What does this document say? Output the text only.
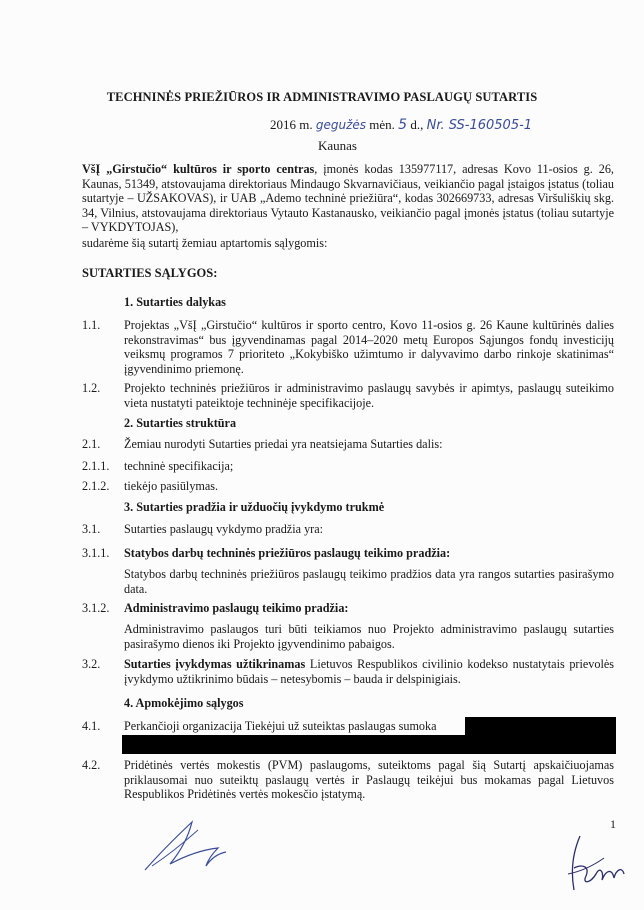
TECHNINĖS PRIEŽIŪROS IR ADMINISTRAVIMO PASLAUGŲ SUTARTIS
2016 m. gegužės mėn. 5 d., Nr. SS-160505-1
Kaunas
VšĮ „Girstučio“ kultūros ir sporto centras, įmonės kodas 135977117, adresas Kovo 11-osios g. 26, Kaunas, 51349, atstovaujama direktoriaus Mindaugo Skvarnavičiaus, veikiančio pagal įstaigos įstatus (toliau sutartyje – UŽSAKOVAS), ir UAB „Ademo techninė priežiūra“, kodas 302669733, adresas Viršuliškių skg. 34, Vilnius, atstovaujama direktoriaus Vytauto Kastanausko, veikiančio pagal įmonės įstatus (toliau sutartyje – VYKDYTOJAS),
sudarėme šią sutartį žemiau aptartomis sąlygomis:
SUTARTIES SĄLYGOS:
1. Sutarties dalykas
1.1. Projektas „VšĮ „Girstučio“ kultūros ir sporto centro, Kovo 11-osios g. 26 Kaune kultūrinės dalies rekonstravimas“ bus įgyvendinamas pagal 2014–2020 metų Europos Sąjungos fondų investicijų veiksmų programos 7 prioriteto „Kokybiško užimtumo ir dalyvavimo darbo rinkoje skatinimas“ įgyvendinimo priemonę.
1.2. Projekto techninės priežiūros ir administravimo paslaugų savybės ir apimtys, paslaugų suteikimo vieta nustatyti pateiktoje techninėje specifikacijoje.
2. Sutarties struktūra
2.1. Žemiau nurodyti Sutarties priedai yra neatsiejama Sutarties dalis:
2.1.1. techninė specifikacija;
2.1.2. tiekėjo pasiūlymas.
3. Sutarties pradžia ir užduočių įvykdymo trukmė
3.1. Sutarties paslaugų vykdymo pradžia yra:
3.1.1. Statybos darbų techninės priežiūros paslaugų teikimo pradžia:
Statybos darbų techninės priežiūros paslaugų teikimo pradžios data yra rangos sutarties pasirašymo data.
3.1.2. Administravimo paslaugų teikimo pradžia:
Administravimo paslaugos turi būti teikiamos nuo Projekto administravimo paslaugų sutarties pasirašymo dienos iki Projekto įgyvendinimo pabaigos.
3.2. Sutarties įvykdymas užtikrinamas Lietuvos Respublikos civilinio kodekso nustatytais prievolės įvykdymo užtikrinimo būdais – netesybomis – bauda ir delspinigiais.
4. Apmokėjimo sąlygos
4.1. Perkančioji organizacija Tiekėjui už suteiktas paslaugas sumoka
4.2. Pridėtinės vertės mokestis (PVM) paslaugoms, suteiktoms pagal šią Sutartį apskaičiuojamas priklausomai nuo suteiktų paslaugų vertės ir Paslaugų teikėjui bus mokamas pagal Lietuvos Respublikos Pridėtinės vertės mokesčio įstatymą.
1
